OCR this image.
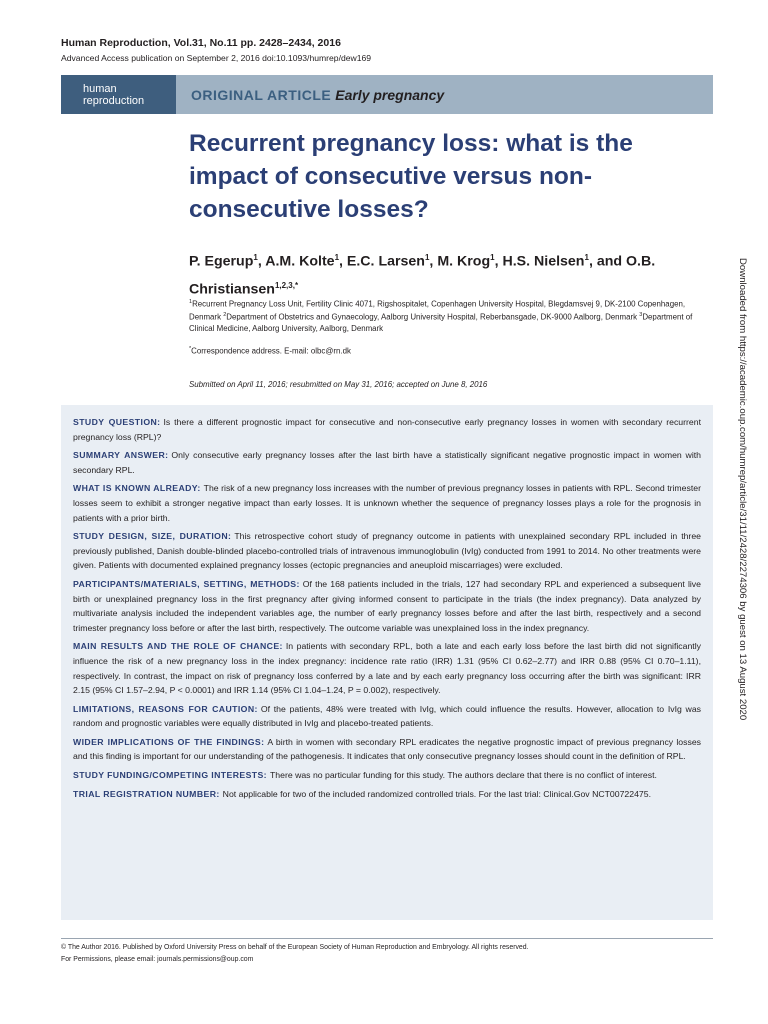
Human Reproduction, Vol.31, No.11 pp. 2428–2434, 2016
Advanced Access publication on September 2, 2016 doi:10.1093/humrep/dew169
human
reproduction	ORIGINAL ARTICLE Early pregnancy
Recurrent pregnancy loss: what is the impact of consecutive versus non-consecutive losses?
P. Egerup$^1$, A.M. Kolte$^1$, E.C. Larsen$^1$, M. Krog$^1$, H.S. Nielsen$^1$, and O.B. Christiansen$^{1,2,3,*}$
$^1$Recurrent Pregnancy Loss Unit, Fertility Clinic 4071, Rigshospitalet, Copenhagen University Hospital, Blegdamsvej 9, DK-2100 Copenhagen, Denmark $^2$Department of Obstetrics and Gynaecology, Aalborg University Hospital, Reberbansgade, DK-9000 Aalborg, Denmark $^3$Department of Clinical Medicine, Aalborg University, Aalborg, Denmark
*Correspondence address. E-mail: olbc@rn.dk
Submitted on April 11, 2016; resubmitted on May 31, 2016; accepted on June 8, 2016
STUDY QUESTION: Is there a different prognostic impact for consecutive and non-consecutive early pregnancy losses in women with secondary recurrent pregnancy loss (RPL)?
SUMMARY ANSWER: Only consecutive early pregnancy losses after the last birth have a statistically significant negative prognostic impact in women with secondary RPL.
WHAT IS KNOWN ALREADY: The risk of a new pregnancy loss increases with the number of previous pregnancy losses in patients with RPL. Second trimester losses seem to exhibit a stronger negative impact than early losses. It is unknown whether the sequence of pregnancy losses plays a role for the prognosis in patients with a prior birth.
STUDY DESIGN, SIZE, DURATION: This retrospective cohort study of pregnancy outcome in patients with unexplained secondary RPL included in three previously published, Danish double-blinded placebo-controlled trials of intravenous immunoglobulin (IvIg) conducted from 1991 to 2014. No other treatments were given. Patients with documented explained pregnancy losses (ectopic pregnancies and aneuploid miscarriages) were excluded.
PARTICIPANTS/MATERIALS, SETTING, METHODS: Of the 168 patients included in the trials, 127 had secondary RPL and experienced a subsequent live birth or unexplained pregnancy loss in the first pregnancy after giving informed consent to participate in the trials (the index pregnancy). Data analyzed by multivariate analysis included the independent variables age, the number of early pregnancy losses before and after the last birth, respectively and a second trimester pregnancy loss before or after the last birth, respectively. The outcome variable was unexplained loss in the index pregnancy.
MAIN RESULTS AND THE ROLE OF CHANCE: In patients with secondary RPL, both a late and each early loss before the last birth did not significantly influence the risk of a new pregnancy loss in the index pregnancy: incidence rate ratio (IRR) 1.31 (95% CI 0.62–2.77) and IRR 0.88 (95% CI 0.70–1.11), respectively. In contrast, the impact on risk of pregnancy loss conferred by a late and by each early pregnancy loss occurring after the birth was significant: IRR 2.15 (95% CI 1.57–2.94, P < 0.0001) and IRR 1.14 (95% CI 1.04–1.24, P = 0.002), respectively.
LIMITATIONS, REASONS FOR CAUTION: Of the patients, 48% were treated with IvIg, which could influence the results. However, allocation to IvIg was random and prognostic variables were equally distributed in IvIg and placebo-treated patients.
WIDER IMPLICATIONS OF THE FINDINGS: A birth in women with secondary RPL eradicates the negative prognostic impact of previous pregnancy losses and this finding is important for our understanding of the pathogenesis. It indicates that only consecutive pregnancy losses should count in the definition of RPL.
STUDY FUNDING/COMPETING INTERESTS: There was no particular funding for this study. The authors declare that there is no conflict of interest.
TRIAL REGISTRATION NUMBER: Not applicable for two of the included randomized controlled trials. For the last trial: Clinical.Gov NCT00722475.
© The Author 2016. Published by Oxford University Press on behalf of the European Society of Human Reproduction and Embryology. All rights reserved.
For Permissions, please email: journals.permissions@oup.com
Downloaded from https://academic.oup.com/humrep/article/31/11/2428/2274306 by guest on 13 August 2020
